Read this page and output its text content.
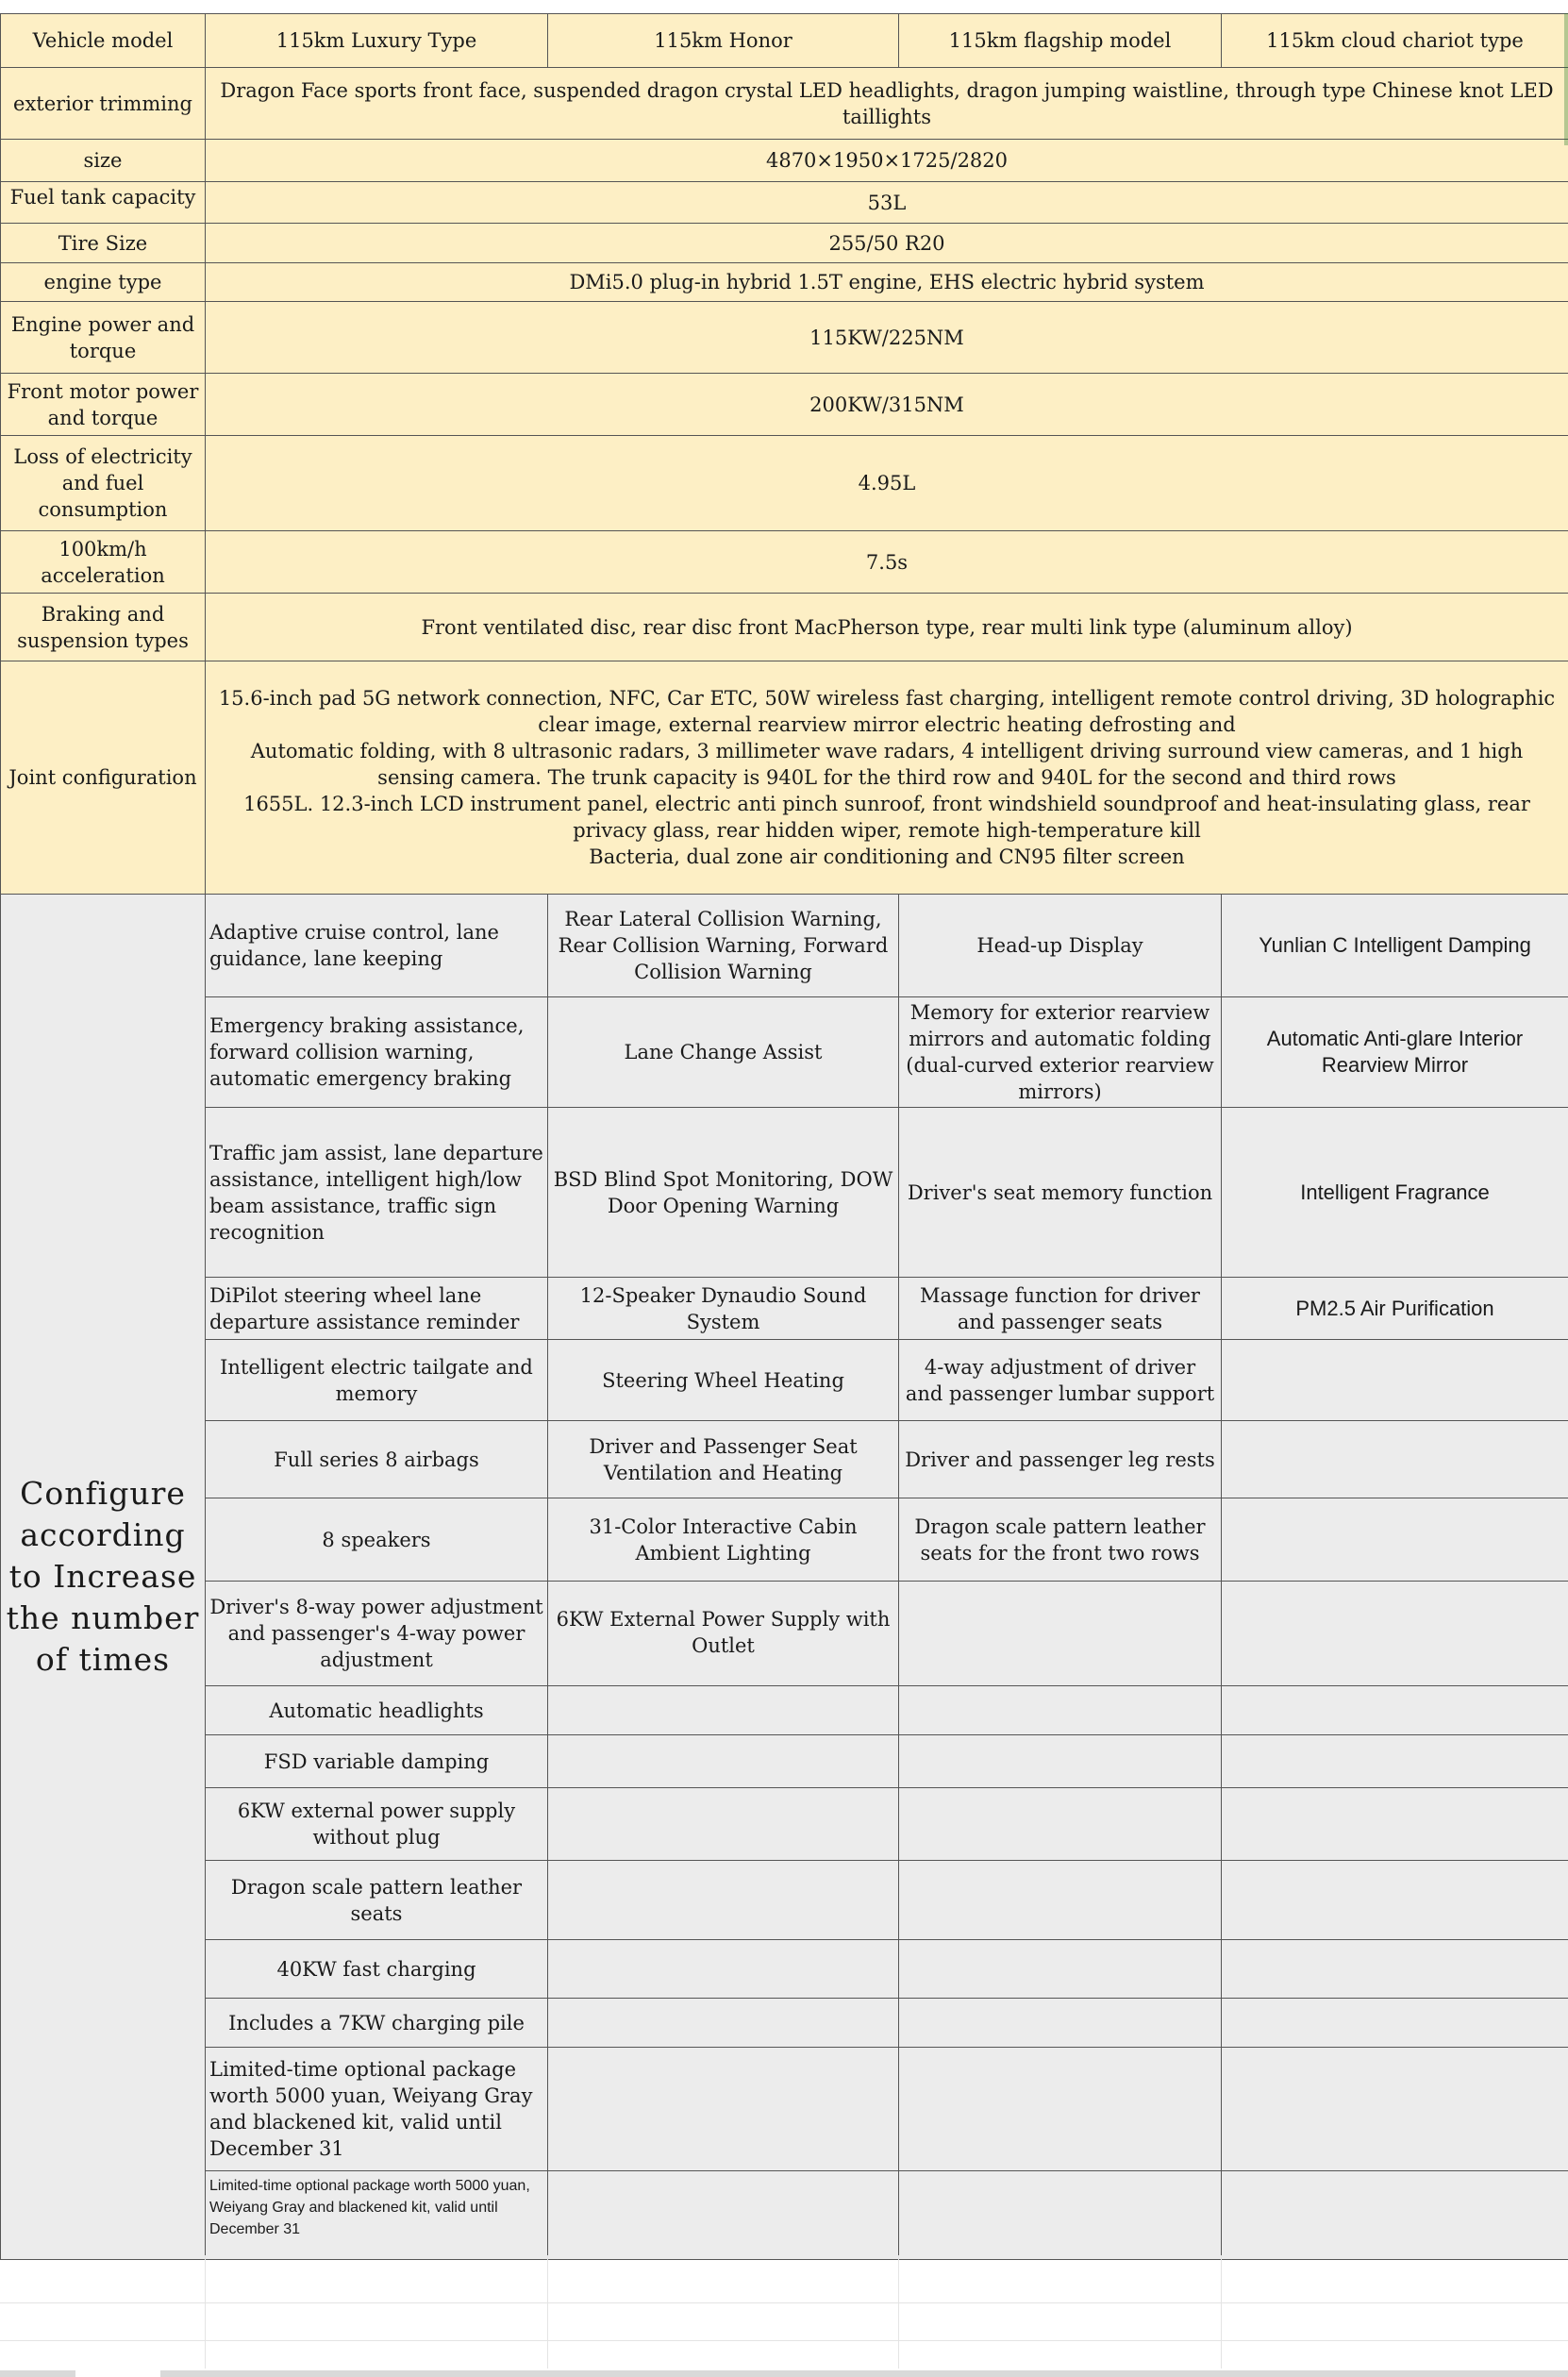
Vehicle model	115km Luxury Type	115km Honor	115km flagship model	115km cloud chariot type
exterior trimming	Dragon Face sports front face, suspended dragon crystal LED headlights, dragon jumping waistline, through type Chinese knot LED taillights			
size	4870×1950×1725/2820			
Fuel tank capacity	53L			
Tire Size	255/50 R20			
engine type	DMi5.0 plug-in hybrid 1.5T engine, EHS electric hybrid system			
Engine power and torque	115KW/225NM			
Front motor power and torque	200KW/315NM			
Loss of electricity and fuel consumption	4.95L			
100km/h acceleration	7.5s			
Braking and suspension types	Front ventilated disc, rear disc front MacPherson type, rear multi link type (aluminum alloy)			
Joint configuration	15.6-inch pad 5G network connection, NFC, Car ETC, 50W wireless fast charging, intelligent remote control driving, 3D holographic clear image, external rearview mirror electric heating defrosting and
Automatic folding, with 8 ultrasonic radars, 3 millimeter wave radars, 4 intelligent driving surround view cameras, and 1 high sensing camera. The trunk capacity is 940L for the third row and 940L for the second and third rows
1655L. 12.3-inch LCD instrument panel, electric anti pinch sunroof, front windshield soundproof and heat-insulating glass, rear privacy glass, rear hidden wiper, remote high-temperature kill
Bacteria, dual zone air conditioning and CN95 filter screen			

Configure according to Increase the number of times	Adaptive cruise control, lane guidance, lane keeping	Rear Lateral Collision Warning, Rear Collision Warning, Forward Collision Warning	Head-up Display	Yunlian C Intelligent Damping
	Emergency braking assistance, forward collision warning, automatic emergency braking	Lane Change Assist	Memory for exterior rearview mirrors and automatic folding (dual-curved exterior rearview mirrors)	Automatic Anti-glare Interior Rearview Mirror
	Traffic jam assist, lane departure assistance, intelligent high/low beam assistance, traffic sign recognition	BSD Blind Spot Monitoring, DOW Door Opening Warning	Driver's seat memory function	Intelligent Fragrance
	DiPilot steering wheel lane departure assistance reminder	12-Speaker Dynaudio Sound System	Massage function for driver and passenger seats	PM2.5 Air Purification
	Intelligent electric tailgate and memory	Steering Wheel Heating	4-way adjustment of driver and passenger lumbar support	
	Full series 8 airbags	Driver and Passenger Seat Ventilation and Heating	Driver and passenger leg rests	
	8 speakers	31-Color Interactive Cabin Ambient Lighting	Dragon scale pattern leather seats for the front two rows	
	Driver's 8-way power adjustment and passenger's 4-way power adjustment	6KW External Power Supply with Outlet		
	Automatic headlights			
	FSD variable damping			
	6KW external power supply without plug			
	Dragon scale pattern leather seats			
	40KW fast charging			
	Includes a 7KW charging pile			
	Limited-time optional package worth 5000 yuan, Weiyang Gray and blackened kit, valid until December 31			
	Limited-time optional package worth 5000 yuan, Weiyang Gray and blackened kit, valid until December 31			
